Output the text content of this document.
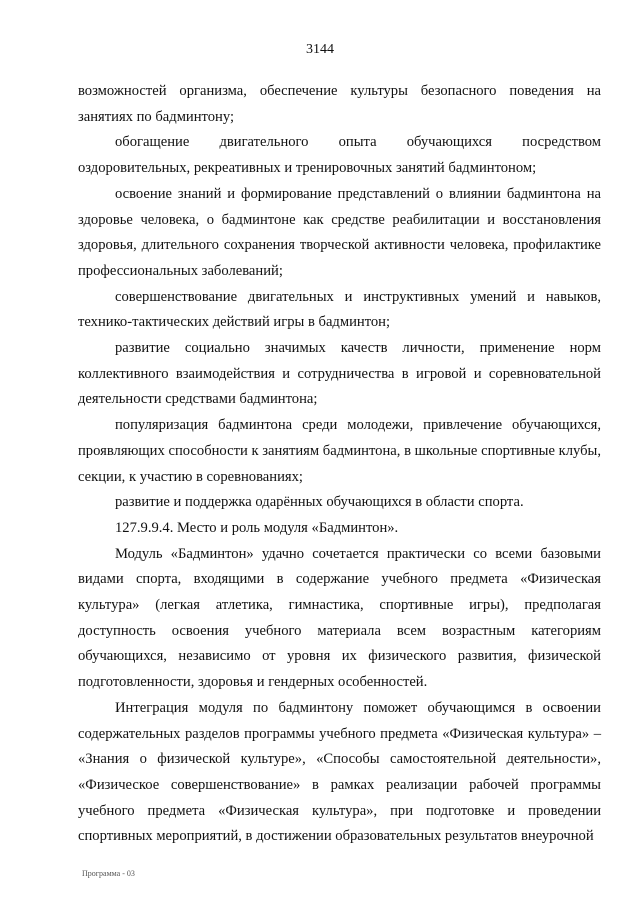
3144

возможностей организма, обеспечение культуры безопасного поведения на занятиях по бадминтону;

обогащение двигательного опыта обучающихся посредством оздоровительных, рекреативных и тренировочных занятий бадминтоном;

освоение знаний и формирование представлений о влиянии бадминтона на здоровье человека, о бадминтоне как средстве реабилитации и восстановления здоровья, длительного сохранения творческой активности человека, профилактике профессиональных заболеваний;

совершенствование двигательных и инструктивных умений и навыков, технико-тактических действий игры в бадминтон;

развитие социально значимых качеств личности, применение норм коллективного взаимодействия и сотрудничества в игровой и соревновательной деятельности средствами бадминтона;

популяризация бадминтона среди молодежи, привлечение обучающихся, проявляющих способности к занятиям бадминтона, в школьные спортивные клубы, секции, к участию в соревнованиях;

развитие и поддержка одарённых обучающихся в области спорта.

127.9.9.4. Место и роль модуля «Бадминтон».

Модуль «Бадминтон» удачно сочетается практически со всеми базовыми видами спорта, входящими в содержание учебного предмета «Физическая культура» (легкая атлетика, гимнастика, спортивные игры), предполагая доступность освоения учебного материала всем возрастным категориям обучающихся, независимо от уровня их физического развития, физической подготовленности, здоровья и гендерных особенностей.

Интеграция модуля по бадминтону поможет обучающимся в освоении содержательных разделов программы учебного предмета «Физическая культура» – «Знания о физической культуре», «Способы самостоятельной деятельности», «Физическое совершенствование» в рамках реализации рабочей программы учебного предмета «Физическая культура», при подготовке и проведении спортивных мероприятий, в достижении образовательных результатов внеурочной

Программа - 03
